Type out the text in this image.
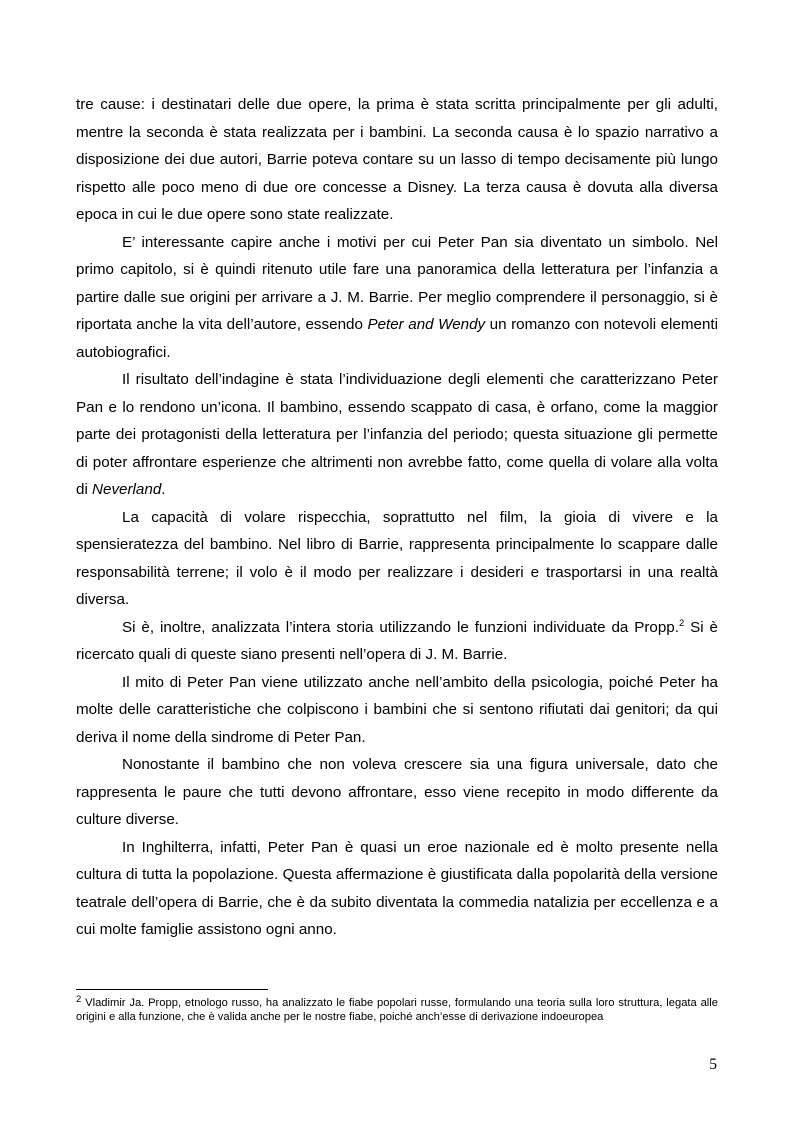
tre cause: i destinatari delle due opere, la prima è stata scritta principalmente per gli adulti, mentre la seconda è stata realizzata per i bambini. La seconda causa è lo spazio narrativo a disposizione dei due autori, Barrie poteva contare su un lasso di tempo decisamente più lungo rispetto alle poco meno di due ore concesse a Disney. La terza causa è dovuta alla diversa epoca in cui le due opere sono state realizzate.

E’ interessante capire anche i motivi per cui Peter Pan sia diventato un simbolo. Nel primo capitolo, si è quindi ritenuto utile fare una panoramica della letteratura per l’infanzia a partire dalle sue origini per arrivare a J. M. Barrie. Per meglio comprendere il personaggio, si è riportata anche la vita dell’autore, essendo Peter and Wendy un romanzo con notevoli elementi autobiografici.

Il risultato dell’indagine è stata l’individuazione degli elementi che caratterizzano Peter Pan e lo rendono un’icona. Il bambino, essendo scappato di casa, è orfano, come la maggior parte dei protagonisti della letteratura per l’infanzia del periodo; questa situazione gli permette di poter affrontare esperienze che altrimenti non avrebbe fatto, come quella di volare alla volta di Neverland.

La capacità di volare rispecchia, soprattutto nel film, la gioia di vivere e la spensieratezza del bambino. Nel libro di Barrie, rappresenta principalmente lo scappare dalle responsabilità terrene; il volo è il modo per realizzare i desideri e trasportarsi in una realtà diversa.

Si è, inoltre, analizzata l’intera storia utilizzando le funzioni individuate da Propp.$^2$ Si è ricercato quali di queste siano presenti nell’opera di J. M. Barrie.

Il mito di Peter Pan viene utilizzato anche nell’ambito della psicologia, poiché Peter ha molte delle caratteristiche che colpiscono i bambini che si sentono rifiutati dai genitori; da qui deriva il nome della sindrome di Peter Pan.

Nonostante il bambino che non voleva crescere sia una figura universale, dato che rappresenta le paure che tutti devono affrontare, esso viene recepito in modo differente da culture diverse.

In Inghilterra, infatti, Peter Pan è quasi un eroe nazionale ed è molto presente nella cultura di tutta la popolazione. Questa affermazione è giustificata dalla popolarità della versione teatrale dell’opera di Barrie, che è da subito diventata la commedia natalizia per eccellenza e a cui molte famiglie assistono ogni anno.

$^2$ Vladimir Ja. Propp, etnologo russo, ha analizzato le fiabe popolari russe, formulando una teoria sulla loro struttura, legata alle origini e alla funzione, che è valida anche per le nostre fiabe, poiché anch’esse di derivazione indoeuropea
5
